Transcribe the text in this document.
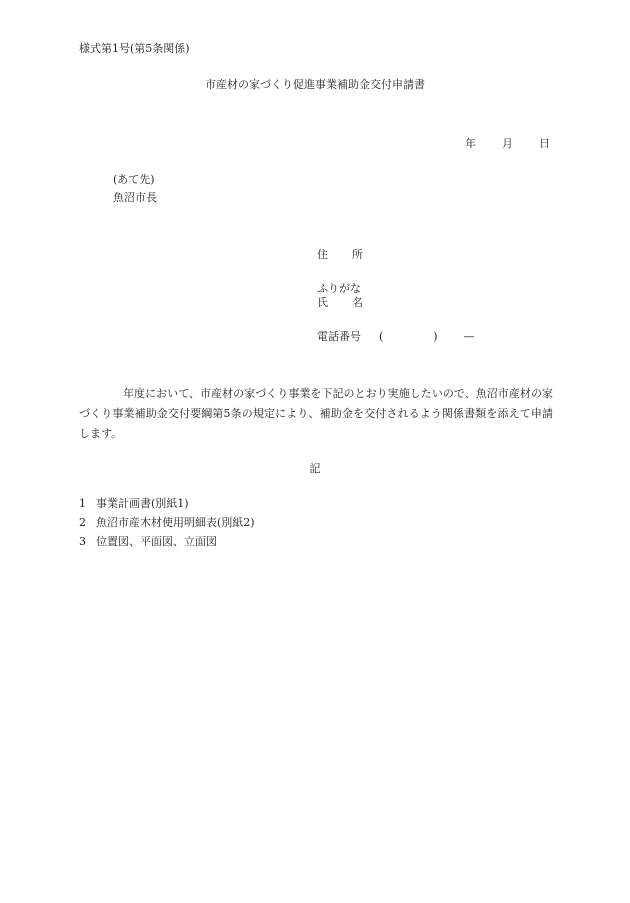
様式第1号(第5条関係)
市産材の家づくり促進事業補助金交付申請書
年 月 日
(あて先)
魚沼市長
住 所
ふりがな
氏 名
電話番号 (	) —
年度において、市産材の家づくり事業を下記のとおり実施したいので、魚沼市産材の家づくり事業補助金交付要綱第5条の規定により、補助金を交付されるよう関係書類を添えて申請します。
記
1 事業計画書(別紙1)
2 魚沼市産木材使用明細表(別紙2)
3 位置図、平面図、立面図
